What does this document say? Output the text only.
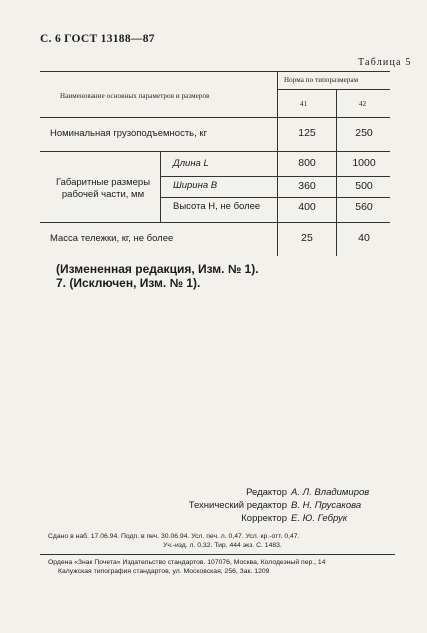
С. 6 ГОСТ 13188—87
Таблица 5
Наименование основных параметров и размеров
Норма по типоразмерам
41	42
Номинальная грузоподъемность, кг	125	250
Габаритные размеры рабочей части, мм
Длина L	800	1000
Ширина B	360	500
Высота H, не более	400	560
Масса тележки, кг, не более	25	40
(Измененная редакция, Изм. № 1).
7. (Исключен, Изм. № 1).
Редактор А. Л. Владимиров
Технический редактор В. Н. Прусакова
Корректор Е. Ю. Гебрук
Сдано в наб. 17.06.94. Подп. в печ. 30.06.94. Усл. печ. л. 0,47. Усл. кр.-отт. 0,47.
Уч.-изд. л. 0,32. Тир. 444 экз. С. 1483.
Ордена «Знак Почета» Издательство стандартов. 107076, Москва, Колодезный пер., 14
Калужская типография стандартов, ул. Московская, 256, Зак. 1209
